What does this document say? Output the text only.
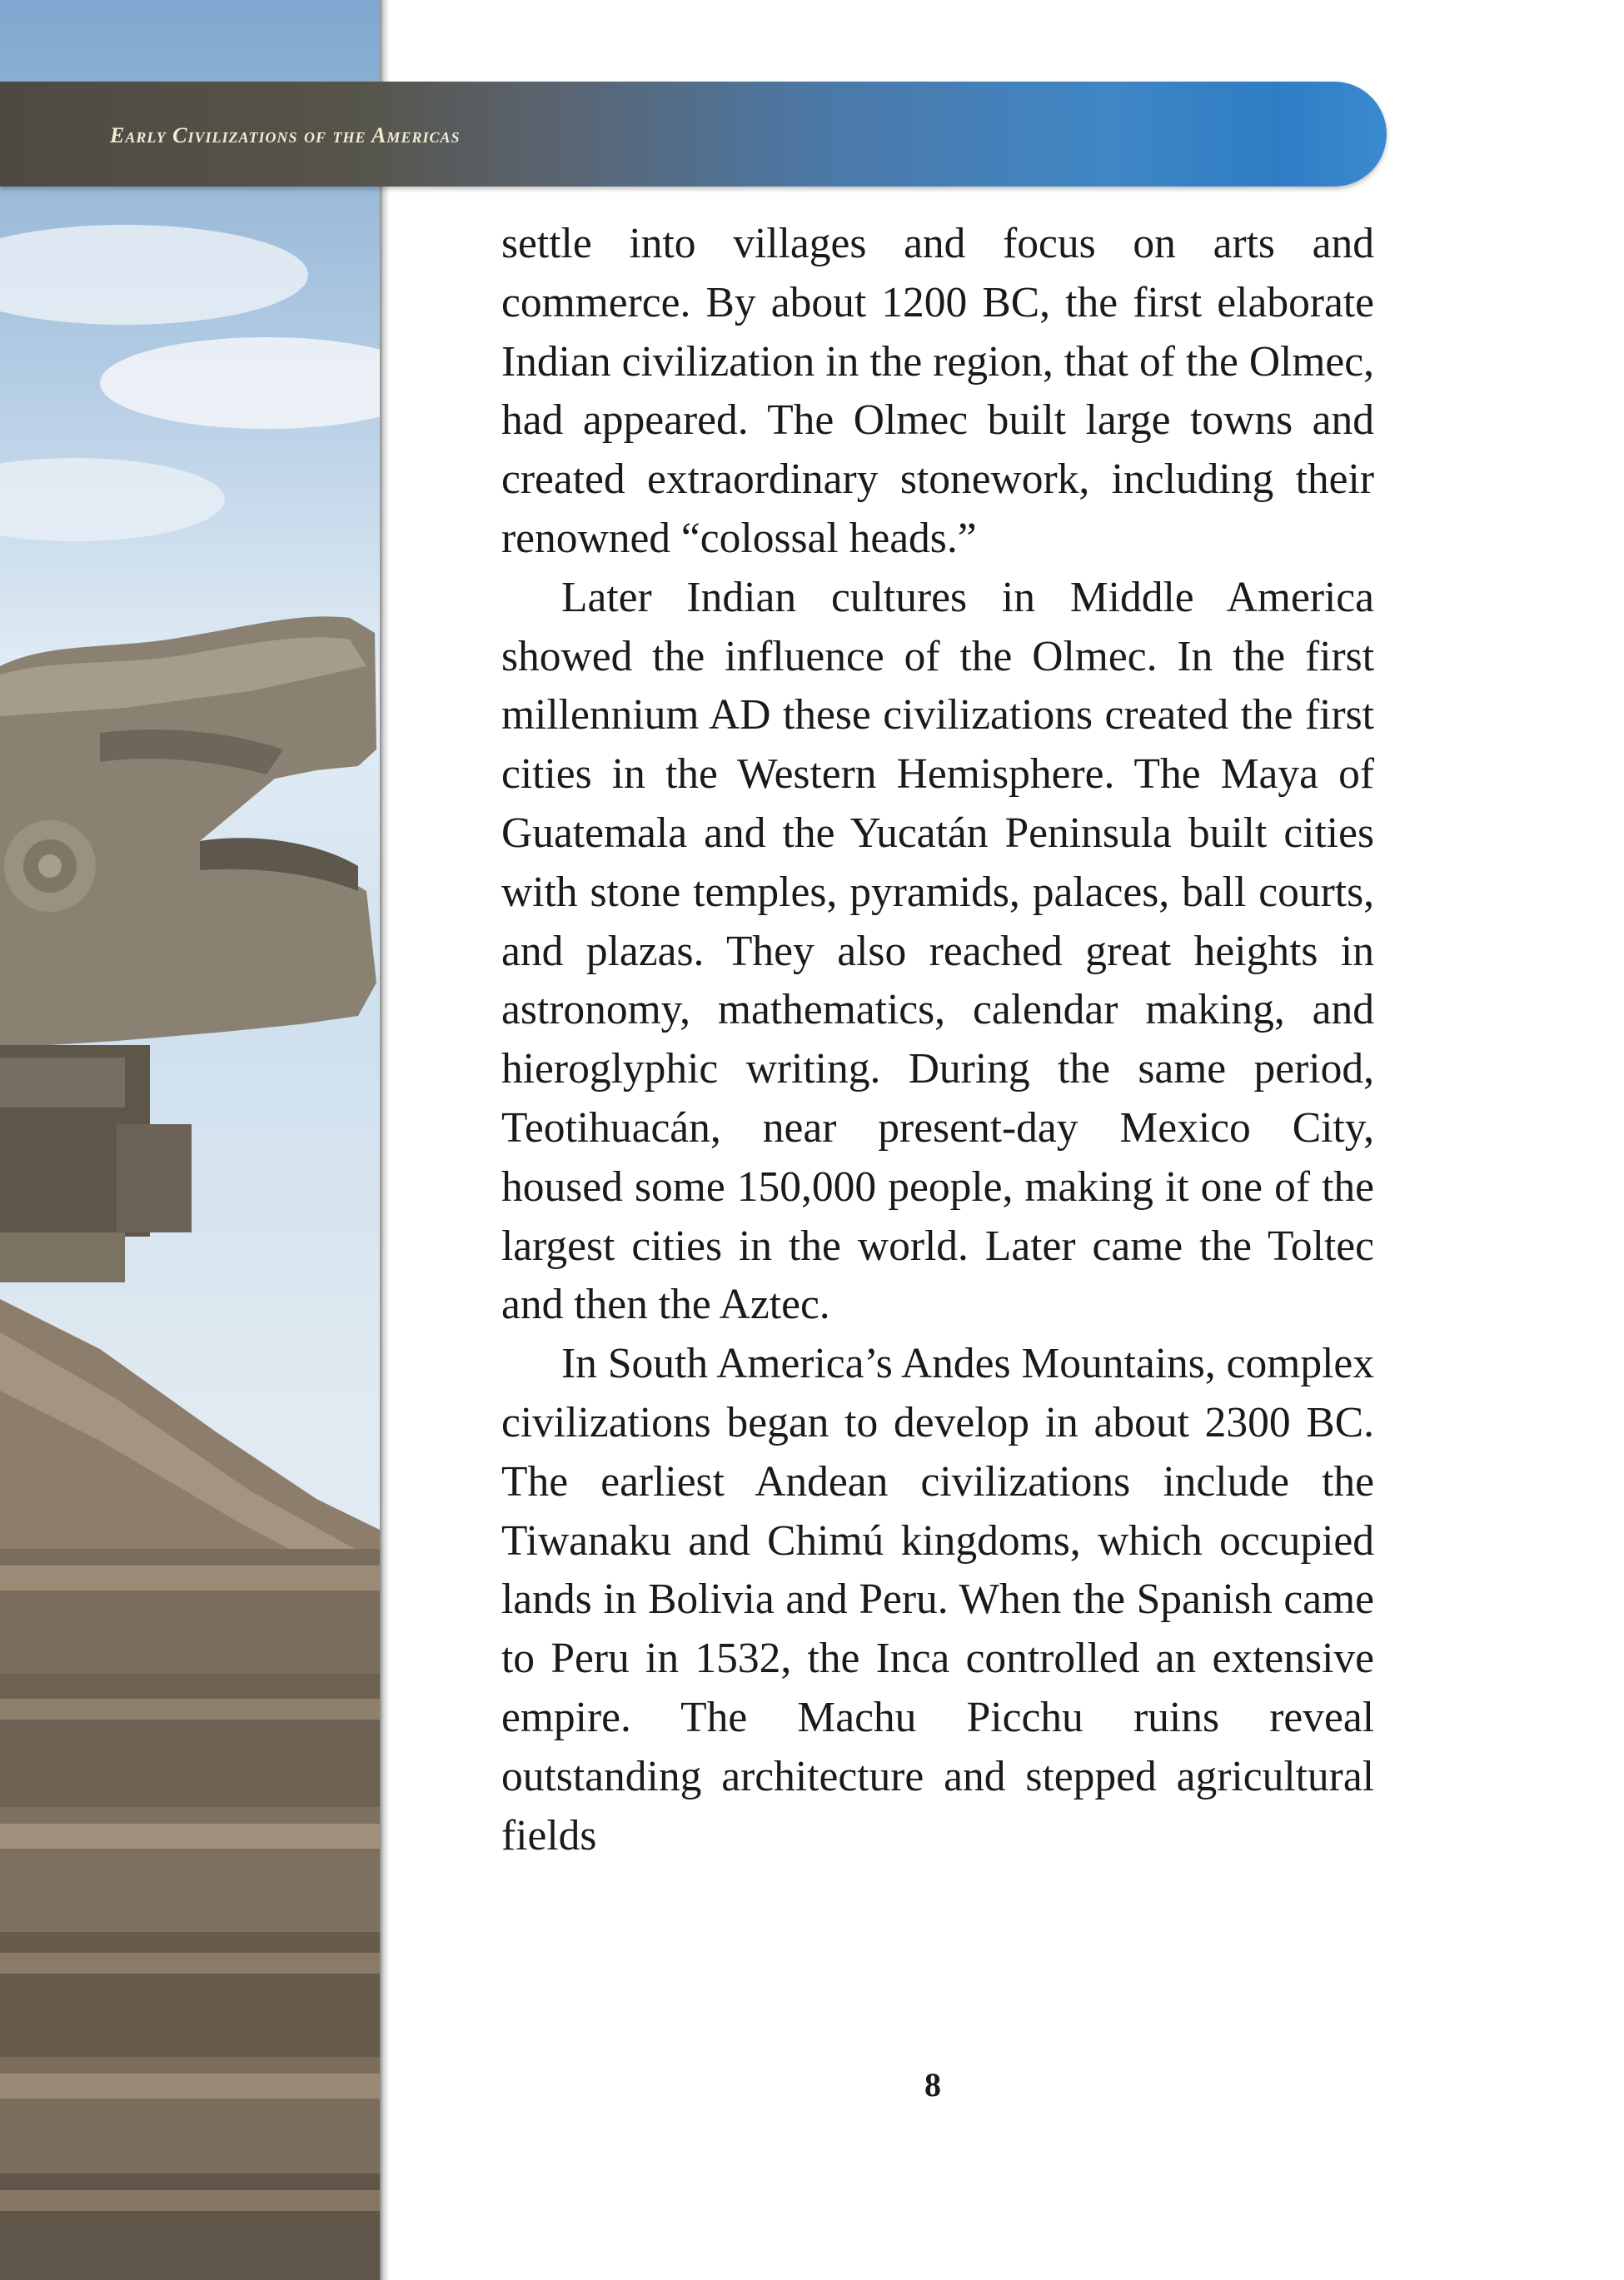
Early Civilizations of the Americas

settle into villages and focus on arts and commerce. By about 1200 BC, the first elaborate Indian civilization in the region, that of the Olmec, had appeared. The Olmec built large towns and created extraordinary stonework, including their renowned “colossal heads.”

Later Indian cultures in Middle America showed the influence of the Olmec. In the first millennium AD these civilizations created the first cities in the Western Hemisphere. The Maya of Guatemala and the Yucatán Peninsula built cities with stone temples, pyramids, palaces, ball courts, and plazas. They also reached great heights in astronomy, mathematics, calendar making, and hieroglyphic writing. During the same period, Teotihuacán, near present-day Mexico City, housed some 150,000 people, making it one of the largest cities in the world. Later came the Toltec and then the Aztec.

In South America’s Andes Mountains, complex civilizations began to develop in about 2300 BC. The earliest Andean civilizations include the Tiwanaku and Chimú kingdoms, which occupied lands in Bolivia and Peru. When the Spanish came to Peru in 1532, the Inca controlled an extensive empire. The Machu Picchu ruins reveal outstanding architecture and stepped agricultural fields

8
